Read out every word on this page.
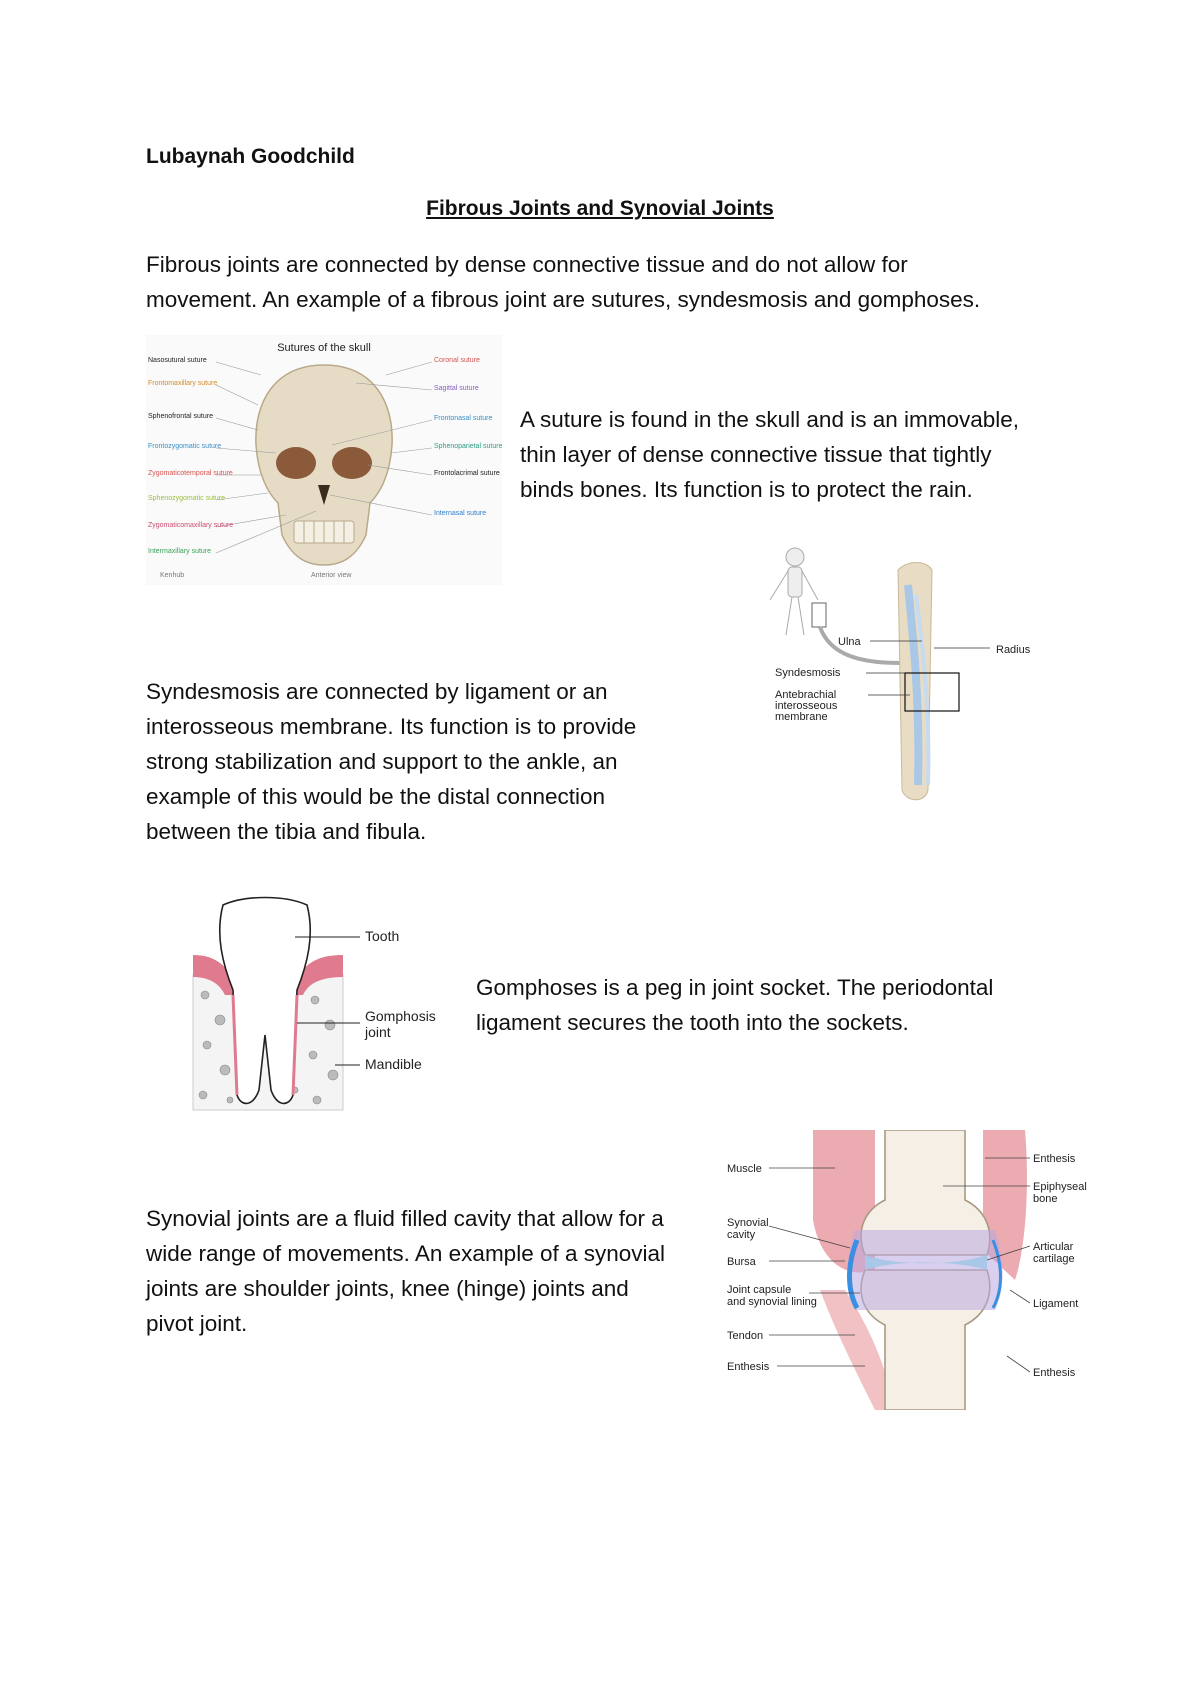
Lubaynah Goodchild
Fibrous Joints and Synovial Joints
Fibrous joints are connected by dense connective tissue and do not allow for
movement. An example of a fibrous joint are sutures, syndesmosis and gomphoses.
Sutures of the skull
Nasosutural suture
Frontomaxillary suture
Sphenofrontal suture
Frontozygomatic suture
Zygomaticotemporal suture
Sphenozygomatic suture
Zygomaticomaxillary suture
Intermaxillary suture
Coronal suture
Sagittal suture
Frontonasal suture
Sphenoparietal suture
Frontolacrimal suture
Internasal suture
Kenhub	Anterior view
A suture is found in the skull and is an immovable,
thin layer of dense connective tissue that tightly
binds bones. Its function is to protect the rain.
Ulna
Radius
Syndesmosis
Antebrachial
interosseous
membrane
Syndesmosis are connected by ligament or an
interosseous membrane. Its function is to provide
strong stabilization and support to the ankle, an
example of this would be the distal connection
between the tibia and fibula.
Tooth
Gomphosis
joint
Mandible
Gomphoses is a peg in joint socket. The periodontal
ligament secures the tooth into the sockets.
Muscle
Synovial
cavity
Bursa
Joint capsule
and synovial lining
Tendon
Enthesis
Enthesis
Epiphyseal
bone
Articular
cartilage
Ligament
Enthesis
Synovial joints are a fluid filled cavity that allow for a
wide range of movements. An example of a synovial
joints are shoulder joints, knee (hinge) joints and
pivot joint.
